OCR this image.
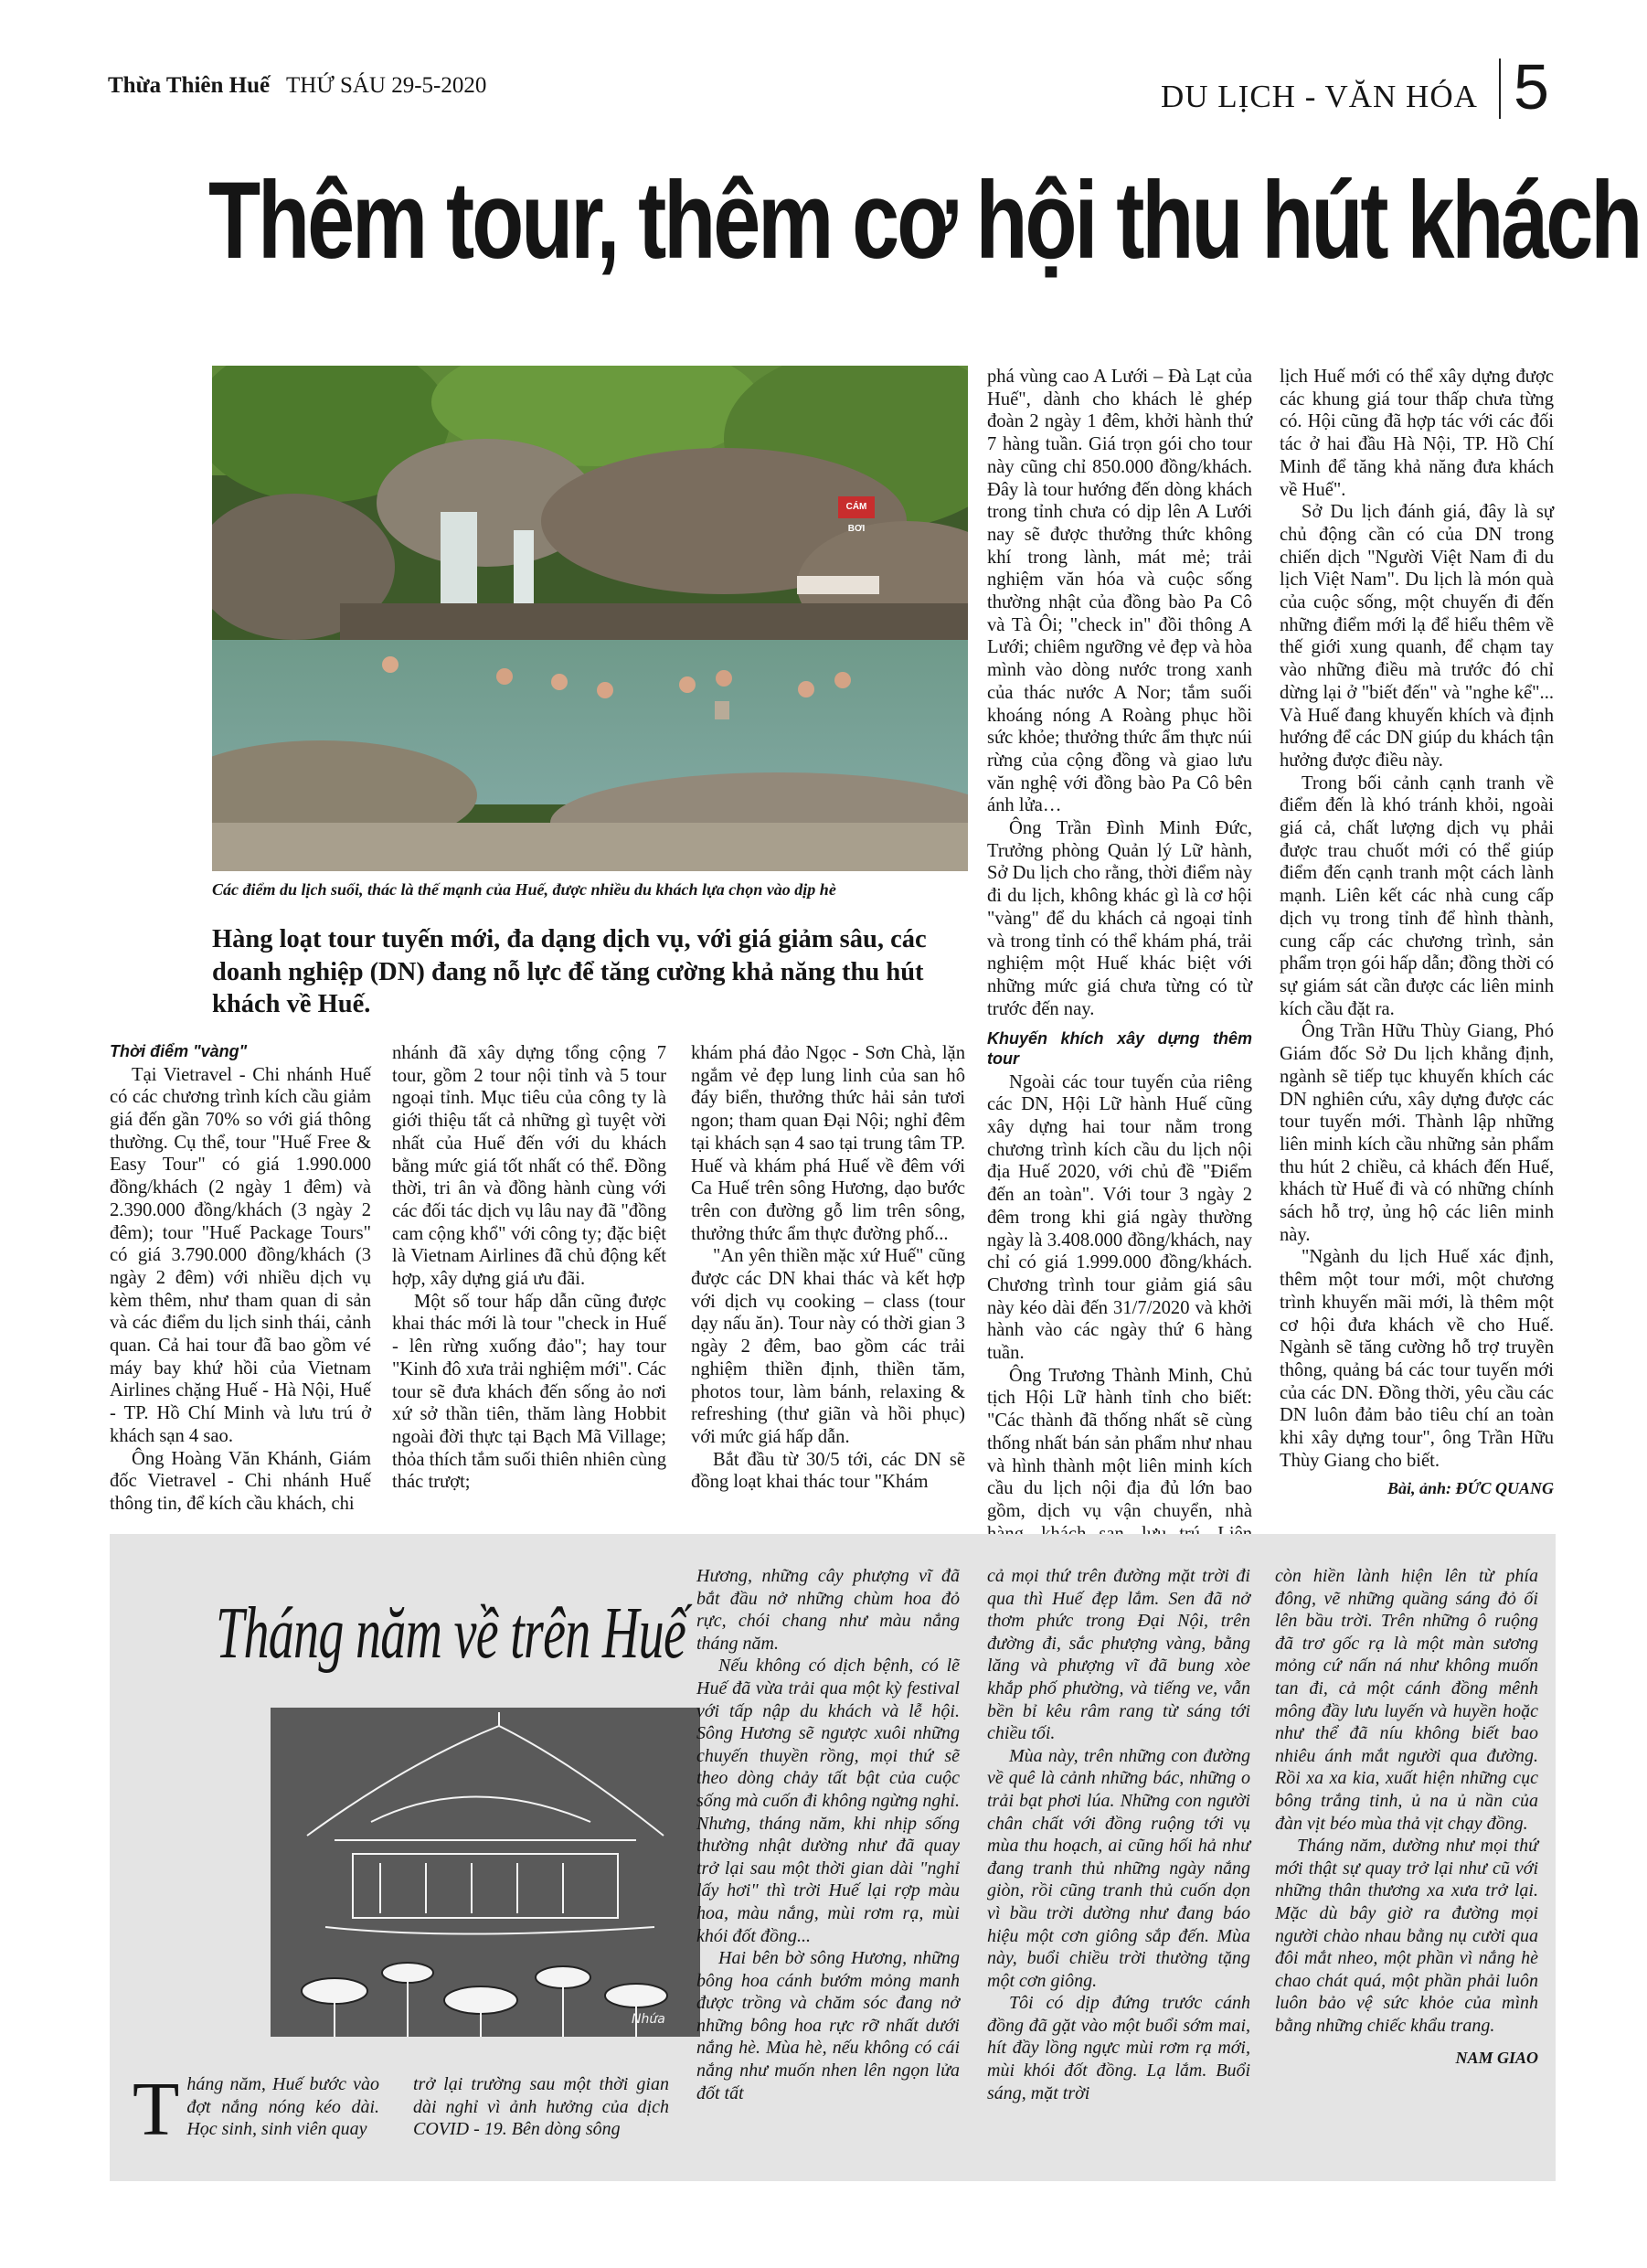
Thừa Thiên Huế THỨ SÁU 29-5-2020	DU LỊCH - VĂN HÓA 5
Thêm tour, thêm cơ hội thu hút khách
CÁM BƠI
Các điểm du lịch suối, thác là thế mạnh của Huế, được nhiều du khách lựa chọn vào dịp hè
Hàng loạt tour tuyến mới, đa dạng dịch vụ, với giá giảm sâu, các doanh nghiệp (DN) đang nỗ lực để tăng cường khả năng thu hút khách về Huế.
Thời điểm "vàng"

Tại Vietravel - Chi nhánh Huế có các chương trình kích cầu giảm giá đến gần 70% so với giá thông thường. Cụ thể, tour "Huế Free & Easy Tour" có giá 1.990.000 đồng/khách (2 ngày 1 đêm) và 2.390.000 đồng/khách (3 ngày 2 đêm); tour "Huế Package Tours" có giá 3.790.000 đồng/khách (3 ngày 2 đêm) với nhiều dịch vụ kèm thêm, như tham quan di sản và các điểm du lịch sinh thái, cảnh quan. Cả hai tour đã bao gồm vé máy bay khứ hồi của Vietnam Airlines chặng Huế - Hà Nội, Huế - TP. Hồ Chí Minh và lưu trú ở khách sạn 4 sao.

Ông Hoàng Văn Khánh, Giám đốc Vietravel - Chi nhánh Huế thông tin, để kích cầu khách, chi

nhánh đã xây dựng tổng cộng 7 tour, gồm 2 tour nội tỉnh và 5 tour ngoại tỉnh. Mục tiêu của công ty là giới thiệu tất cả những gì tuyệt vời nhất của Huế đến với du khách bằng mức giá tốt nhất có thể. Đồng thời, tri ân và đồng hành cùng với các đối tác dịch vụ lâu nay đã "đồng cam cộng khổ" với công ty; đặc biệt là Vietnam Airlines đã chủ động kết hợp, xây dựng giá ưu đãi.

Một số tour hấp dẫn cũng được khai thác mới là tour "check in Huế - lên rừng xuống đảo"; hay tour "Kinh đô xưa trải nghiệm mới". Các tour sẽ đưa khách đến sống ảo nơi xứ sở thần tiên, thăm làng Hobbit ngoài đời thực tại Bạch Mã Village; thỏa thích tắm suối thiên nhiên cùng thác trượt;

khám phá đảo Ngọc - Sơn Chà, lặn ngắm vẻ đẹp lung linh của san hô đáy biển, thưởng thức hải sản tươi ngon; tham quan Đại Nội; nghỉ đêm tại khách sạn 4 sao tại trung tâm TP. Huế và khám phá Huế về đêm với Ca Huế trên sông Hương, dạo bước trên con đường gỗ lim trên sông, thưởng thức ẩm thực đường phố...

"An yên thiền mặc xứ Huế" cũng được các DN khai thác và kết hợp với dịch vụ cooking – class (tour dạy nấu ăn). Tour này có thời gian 3 ngày 2 đêm, bao gồm các trải nghiệm thiền định, thiền tăm, photos tour, làm bánh, relaxing & refreshing (thư giãn và hồi phục) với mức giá hấp dẫn.

Bắt đầu từ 30/5 tới, các DN sẽ đồng loạt khai thác tour "Khám

phá vùng cao A Lưới – Đà Lạt của Huế", dành cho khách lẻ ghép đoàn 2 ngày 1 đêm, khởi hành thứ 7 hàng tuần. Giá trọn gói cho tour này cũng chỉ 850.000 đồng/khách. Đây là tour hướng đến dòng khách trong tỉnh chưa có dịp lên A Lưới nay sẽ được thưởng thức không khí trong lành, mát mẻ; trải nghiệm văn hóa và cuộc sống thường nhật của đồng bào Pa Cô và Tà Ôi; "check in" đồi thông A Lưới; chiêm ngưỡng vẻ đẹp và hòa mình vào dòng nước trong xanh của thác nước A Nor; tắm suối khoáng nóng A Roàng phục hồi sức khỏe; thưởng thức ẩm thực núi rừng của cộng đồng và giao lưu văn nghệ với đồng bào Pa Cô bên ánh lửa…

Ông Trần Đình Minh Đức, Trưởng phòng Quản lý Lữ hành, Sở Du lịch cho rằng, thời điểm này đi du lịch, không khác gì là cơ hội "vàng" để du khách cả ngoại tỉnh và trong tỉnh có thể khám phá, trải nghiệm một Huế khác biệt với những mức giá chưa từng có từ trước đến nay.

Khuyến khích xây dựng thêm tour

Ngoài các tour tuyến của riêng các DN, Hội Lữ hành Huế cũng xây dựng hai tour nằm trong chương trình kích cầu du lịch nội địa Huế 2020, với chủ đề "Điểm đến an toàn". Với tour 3 ngày 2 đêm trong khi giá ngày thường ngày là 3.408.000 đồng/khách, nay chỉ có giá 1.999.000 đồng/khách. Chương trình tour giảm giá sâu này kéo dài đến 31/7/2020 và khởi hành vào các ngày thứ 6 hàng tuần.

Ông Trương Thành Minh, Chủ tịch Hội Lữ hành tỉnh cho biết: "Các thành đã thống nhất sẽ cùng thống nhất bán sản phẩm như nhau và hình thành một liên minh kích cầu du lịch nội địa đủ lớn bao gồm, dịch vụ vận chuyển, nhà

lịch Huế mới có thể xây dựng được các khung giá tour thấp chưa từng có. Hội cũng đã hợp tác với các đối tác ở hai đầu Hà Nội, TP. Hồ Chí Minh để tăng khả năng đưa khách về Huế".

Sở Du lịch đánh giá, đây là sự chủ động cần có của DN trong chiến dịch "Người Việt Nam đi du lịch Việt Nam". Du lịch là món quà của cuộc sống, một chuyến đi đến những điểm mới lạ để hiểu thêm về thế giới xung quanh, để chạm tay vào những điều mà trước đó chỉ dừng lại ở "biết đến" và "nghe kể"... Và Huế đang khuyến khích và định hướng để các DN giúp du khách tận hưởng được điều này.

Trong bối cảnh cạnh tranh về điểm đến là khó tránh khỏi, ngoài giá cả, chất lượng dịch vụ phải được trau chuốt mới có thể giúp điểm đến cạnh tranh một cách lành mạnh. Liên kết các nhà cung cấp dịch vụ trong tỉnh để hình thành, cung cấp các chương trình, sản phẩm trọn gói hấp dẫn; đồng thời có sự giám sát cần được các liên minh kích cầu đặt ra.

Ông Trần Hữu Thùy Giang, Phó Giám đốc Sở Du lịch khẳng định, ngành sẽ tiếp tục khuyến khích các DN nghiên cứu, xây dựng được các tour tuyến mới. Thành lập những liên minh kích cầu những sản phẩm thu hút 2 chiều, cả khách đến Huế, khách từ Huế đi và có những chính sách hỗ trợ, ủng hộ các liên minh này.

"Ngành du lịch Huế xác định, thêm một tour mới, một chương trình khuyến mãi mới, là thêm một cơ hội đưa khách về cho Huế. Ngành sẽ tăng cường hỗ trợ truyền thông, quảng bá các tour tuyến mới của các DN. Đồng thời, yêu cầu các DN luôn đảm bảo tiêu chí an toàn khi xây dựng tour", ông Trần Hữu Thùy Giang cho biết.

Bài, ảnh: ĐỨC QUANG
Tháng năm về trên Huế
Nhứa

Tháng năm, Huế bước vào đợt nắng nóng kéo dài. Học sinh, sinh viên quay

trở lại trường sau một thời gian dài nghỉ vì ảnh hưởng của dịch COVID - 19. Bên dòng sông

Hương, những cây phượng vĩ đã bắt đầu nở những chùm hoa đỏ rực, chói chang như màu nắng tháng năm.

Nếu không có dịch bệnh, có lẽ Huế đã vừa trải qua một kỳ festival với tấp nập du khách và lễ hội. Sông Hương sẽ ngược xuôi những chuyến thuyền rồng, mọi thứ sẽ theo dòng chảy tất bật của cuộc sống mà cuốn đi không ngừng nghỉ. Nhưng, tháng năm, khi nhịp sống thường nhật dường như đã quay trở lại sau một thời gian dài "nghỉ lấy hơi" thì trời Huế lại rợp màu hoa, màu nắng, mùi rơm rạ, mùi khói đốt đồng...

Hai bên bờ sông Hương, những bông hoa cánh bướm mỏng manh được trồng và chăm sóc đang nở những bông hoa rực rỡ nhất dưới nắng hè. Mùa hè, nếu không có cái nắng như muốn nhen lên ngọn lửa đốt tất

cả mọi thứ trên đường mặt trời đi qua thì Huế đẹp lắm. Sen đã nở thơm phức trong Đại Nội, trên đường đi, sắc phượng vàng, bằng lăng và phượng vĩ đã bung xòe khắp phố phường, và tiếng ve, vẫn bền bỉ kêu râm rang từ sáng tới chiều tối.

Mùa này, trên những con đường về quê là cảnh những bác, những o trải bạt phơi lúa. Những con người chân chất với đồng ruộng tới vụ mùa thu hoạch, ai cũng hối hả như đang tranh thủ những ngày nắng giòn, rồi cũng tranh thủ cuốn dọn vì bầu trời dường như đang báo hiệu một cơn giông sắp đến. Mùa này, buổi chiều trời thường tặng một cơn giông.

Tôi có dịp đứng trước cánh đồng đã gặt vào một buổi sớm mai, hít đầy lồng ngực mùi rơm rạ mới, mùi khói đốt đồng. Lạ lắm. Buổi sáng, mặt trời

còn hiền lành hiện lên từ phía đông, vẽ những quầng sáng đỏ ối lên bầu trời. Trên những ô ruộng đã trơ gốc rạ là một màn sương mỏng cứ nấn ná như không muốn tan đi, cả một cánh đồng mênh mông đầy lưu luyến và huyền hoặc như thể đã níu không biết bao nhiêu ánh mắt người qua đường. Rồi xa xa kia, xuất hiện những cục bông trắng tinh, ủ na ủ nần của đàn vịt béo mùa thả vịt chạy đồng.

Tháng năm, dường như mọi thứ mới thật sự quay trở lại như cũ với những thân thương xa xưa trở lại. Mặc dù bây giờ ra đường mọi người chào nhau bằng nụ cười qua đôi mắt nheo, một phần vì nắng hè chao chát quá, một phần phải luôn luôn bảo vệ sức khỏe của mình bằng những chiếc khẩu trang.

NAM GIAO
